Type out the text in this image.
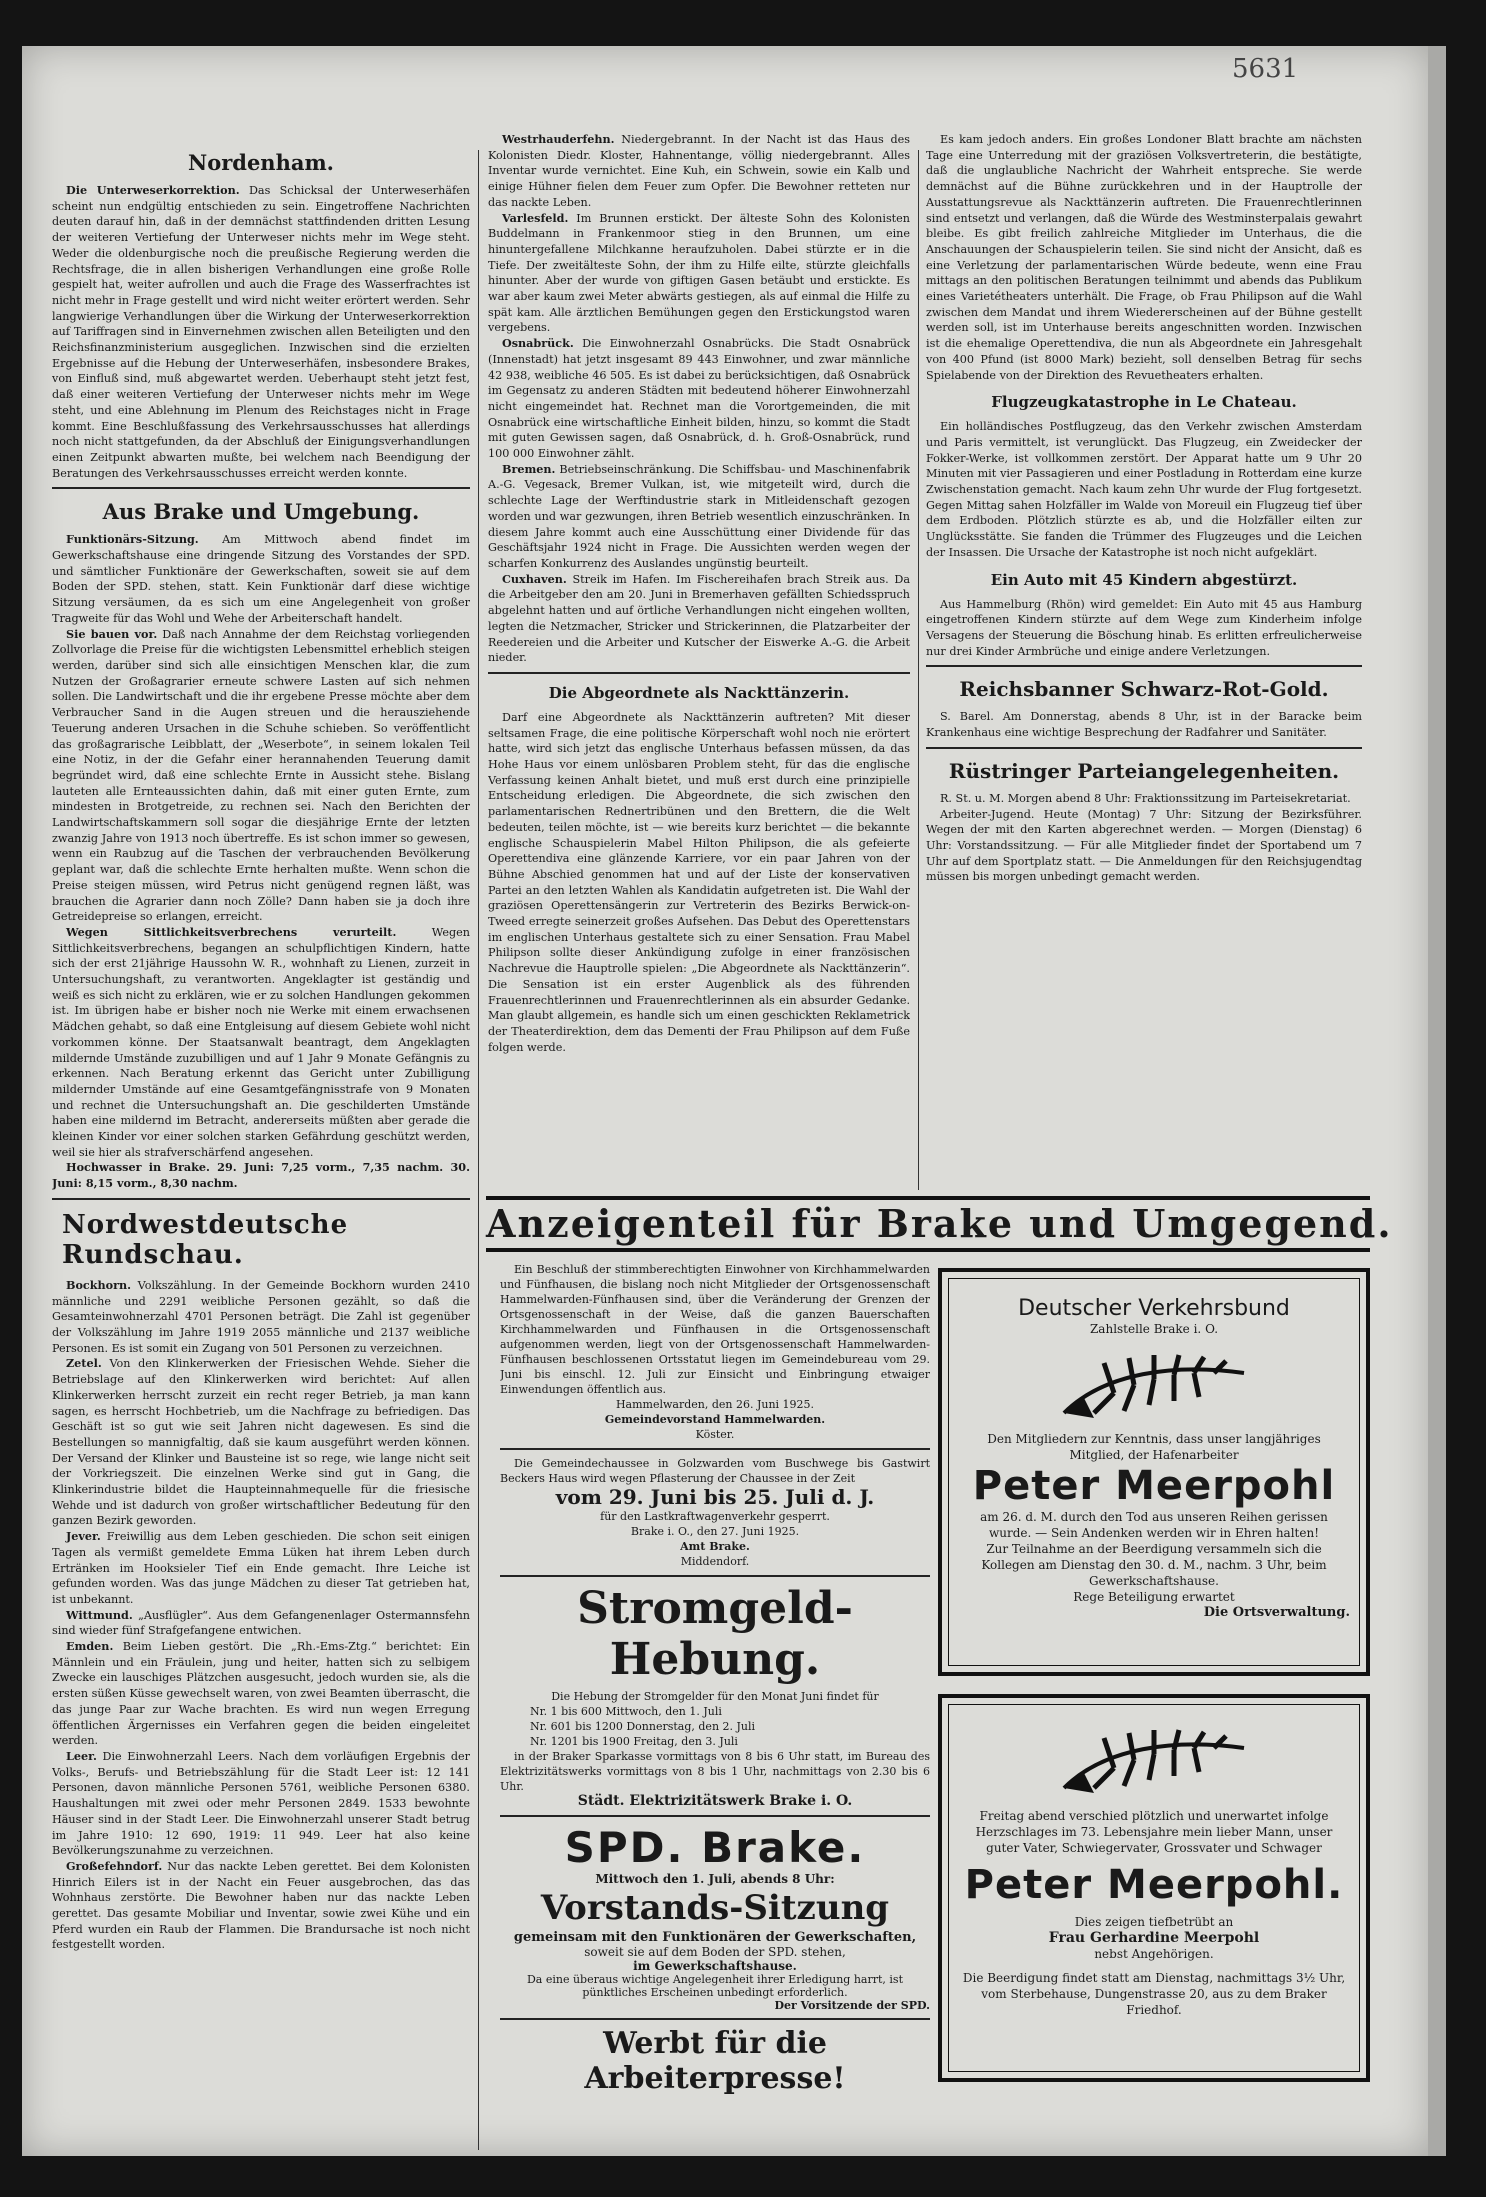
5631
Nordenham.

Die Unterweserkorrektion. Das Schicksal der Unterweserhäfen scheint nun endgültig entschieden zu sein. Eingetroffene Nachrichten deuten darauf hin, daß in der demnächst stattfindenden dritten Lesung der weiteren Vertiefung der Unterweser nichts mehr im Wege steht. Weder die oldenburgische noch die preußische Regierung werden die Rechtsfrage, die in allen bisherigen Verhandlungen eine große Rolle gespielt hat, weiter aufrollen und auch die Frage des Wasserfrachtes ist nicht mehr in Frage gestellt und wird nicht weiter erörtert werden. Sehr langwierige Verhandlungen über die Wirkung der Unterweserkorrektion auf Tariffragen sind in Einvernehmen zwischen allen Beteiligten und den Reichsfinanzministerium ausgeglichen. Inzwischen sind die erzielten Ergebnisse auf die Hebung der Unterweserhäfen, insbesondere Brakes, von Einfluß sind, muß abgewartet werden. Ueberhaupt steht jetzt fest, daß einer weiteren Vertiefung der Unterweser nichts mehr im Wege steht, und eine Ablehnung im Plenum des Reichstages nicht in Frage kommt. Eine Beschlußfassung des Verkehrsausschusses hat allerdings noch nicht stattgefunden, da der Abschluß der Einigungsverhandlungen einen Zeitpunkt abwarten mußte, bei welchem nach Beendigung der Beratungen des Verkehrsausschusses erreicht werden konnte.

Aus Brake und Umgebung.

Funktionärs-Sitzung. Am Mittwoch abend findet im Gewerkschaftshause eine dringende Sitzung des Vorstandes der SPD. und sämtlicher Funktionäre der Gewerkschaften, soweit sie auf dem Boden der SPD. stehen, statt. Kein Funktionär darf diese wichtige Sitzung versäumen, da es sich um eine Angelegenheit von großer Tragweite für das Wohl und Wehe der Arbeiterschaft handelt.

Sie bauen vor. Daß nach Annahme der dem Reichstag vorliegenden Zollvorlage die Preise für die wichtigsten Lebensmittel erheblich steigen werden, darüber sind sich alle einsichtigen Menschen klar, die zum Nutzen der Großagrarier erneute schwere Lasten auf sich nehmen sollen. Die Landwirtschaft und die ihr ergebene Presse möchte aber dem Verbraucher Sand in die Augen streuen und die herausziehende Teuerung anderen Ursachen in die Schuhe schieben. So veröffentlicht das großagrarische Leibblatt, der „Weserbote“, in seinem lokalen Teil eine Notiz, in der die Gefahr einer herannahenden Teuerung damit begründet wird, daß eine schlechte Ernte in Aussicht stehe. Bislang lauteten alle Ernteaussichten dahin, daß mit einer guten Ernte, zum mindesten in Brotgetreide, zu rechnen sei. Nach den Berichten der Landwirtschaftskammern soll sogar die diesjährige Ernte der letzten zwanzig Jahre von 1913 noch übertreffe. Es ist schon immer so gewesen, wenn ein Raubzug auf die Taschen der verbrauchenden Bevölkerung geplant war, daß die schlechte Ernte herhalten mußte. Wenn schon die Preise steigen müssen, wird Petrus nicht genügend regnen läßt, was brauchen die Agrarier dann noch Zölle? Dann haben sie ja doch ihre Getreidepreise so erlangen, erreicht.

Wegen Sittlichkeitsverbrechens verurteilt.	Wegen Sittlichkeitsverbrechens, begangen an schulpflichtigen Kindern, hatte sich der erst 21jährige Haussohn W. R., wohnhaft zu Lienen, zurzeit in Untersuchungshaft, zu verantworten. Angeklagter ist geständig und weiß es sich nicht zu erklären, wie er zu solchen Handlungen gekommen ist. Im übrigen habe er bisher noch nie Werke mit einem erwachsenen Mädchen gehabt, so daß eine Entgleisung auf diesem Gebiete wohl nicht vorkommen könne. Der Staatsanwalt beantragt, dem Angeklagten mildernde Umstände zuzubilligen und auf 1 Jahr 9 Monate Gefängnis zu erkennen. Nach Beratung erkennt das Gericht unter Zubilligung mildernder Umstände auf eine Gesamtgefängnisstrafe von 9 Monaten und rechnet die Untersuchungshaft an. Die geschilderten Umstände haben eine mildernd im Betracht, andererseits müßten aber gerade die kleinen Kinder vor einer solchen starken Gefährdung geschützt werden, weil sie hier als strafverschärfend angesehen.

Hochwasser in Brake. 29. Juni: 7,25 vorm., 7,35 nachm. 30. Juni: 8,15 vorm., 8,30 nachm.

Nordwestdeutsche Rundschau.

Bockhorn. Volkszählung. In der Gemeinde Bockhorn wurden 2410 männliche und 2291 weibliche Personen gezählt, so daß die Gesamteinwohnerzahl 4701 Personen beträgt. Die Zahl ist gegenüber der Volkszählung im Jahre 1919 2055 männliche und 2137 weibliche Personen. Es ist somit ein Zugang von 501 Personen zu verzeichnen.

Zetel. Von den Klinkerwerken der Friesischen Wehde. Sieher die Betriebslage auf den Klinkerwerken wird berichtet: Auf allen Klinkerwerken herrscht zurzeit ein recht reger Betrieb, ja man kann sagen, es herrscht Hochbetrieb, um die Nachfrage zu befriedigen. Das Geschäft ist so gut wie seit Jahren nicht dagewesen. Es sind die Bestellungen so mannigfaltig, daß sie kaum ausgeführt werden können. Der Versand der Klinker und Bausteine ist so rege, wie lange nicht seit der Vorkriegszeit. Die einzelnen Werke sind gut in Gang, die Klinkerindustrie bildet die Haupteinnahmequelle für die friesische Wehde und ist dadurch von großer wirtschaftlicher Bedeutung für den ganzen Bezirk geworden.

Jever. Freiwillig aus dem Leben geschieden. Die schon seit einigen Tagen als vermißt gemeldete Emma Lüken hat ihrem Leben durch Ertränken im Hooksieler Tief ein Ende gemacht. Ihre Leiche ist gefunden worden. Was das junge Mädchen zu dieser Tat getrieben hat, ist unbekannt.

Wittmund. „Ausflügler“. Aus dem Gefangenenlager Ostermannsfehn sind wieder fünf Strafgefangene entwichen.

Emden. Beim Lieben gestört. Die „Rh.-Ems-Ztg.“ berichtet: Ein Männlein und ein Fräulein, jung und heiter, hatten sich zu selbigem Zwecke ein lauschiges Plätzchen ausgesucht, jedoch wurden sie, als die ersten süßen Küsse gewechselt waren, von zwei Beamten überrascht, die das junge Paar zur Wache brachten. Es wird nun wegen Erregung öffentlichen Ärgernisses ein Verfahren gegen die beiden eingeleitet werden.

Leer. Die Einwohnerzahl Leers. Nach dem vorläufigen Ergebnis der Volks-, Berufs- und Betriebszählung für die Stadt Leer ist: 12 141 Personen, davon männliche Personen 5761, weibliche Personen 6380. Haushaltungen mit zwei oder mehr Personen 2849. 1533 bewohnte Häuser sind in der Stadt Leer. Die Einwohnerzahl unserer Stadt betrug im Jahre 1910: 12 690, 1919: 11 949. Leer hat also keine Bevölkerungszunahme zu verzeichnen.

Großefehndorf. Nur das nackte Leben gerettet. Bei dem Kolonisten Hinrich Eilers ist in der Nacht ein Feuer ausgebrochen, das das Wohnhaus zerstörte. Die Bewohner haben nur das nackte Leben gerettet. Das gesamte Mobiliar und Inventar, sowie zwei Kühe und ein Pferd wurden ein Raub der Flammen. Die Brandursache ist noch nicht festgestellt worden.

Westrhauderfehn. Niedergebrannt. In der Nacht ist das Haus des Kolonisten Diedr. Kloster, Hahnentange, völlig niedergebrannt. Alles Inventar wurde vernichtet. Eine Kuh, ein Schwein, sowie ein Kalb und einige Hühner fielen dem Feuer zum Opfer. Die Bewohner retteten nur das nackte Leben.

Varlesfeld. Im Brunnen erstickt. Der älteste Sohn des Kolonisten Buddelmann in Frankenmoor stieg in den Brunnen, um eine hinuntergefallene Milchkanne heraufzuholen. Dabei stürzte er in die Tiefe. Der zweitälteste Sohn, der ihm zu Hilfe eilte, stürzte gleichfalls hinunter. Aber der wurde von giftigen Gasen betäubt und erstickte. Es war aber kaum zwei Meter abwärts gestiegen, als auf einmal die Hilfe zu spät kam. Alle ärztlichen Bemühungen gegen den Erstickungstod waren vergebens.

Osnabrück. Die Einwohnerzahl Osnabrücks. Die Stadt Osnabrück (Innenstadt) hat jetzt insgesamt 89 443 Einwohner, und zwar männliche 42 938, weibliche 46 505. Es ist dabei zu berücksichtigen, daß Osnabrück im Gegensatz zu anderen Städten mit bedeutend höherer Einwohnerzahl nicht eingemeindet hat. Rechnet man die Vorortgemeinden, die mit Osnabrück eine wirtschaftliche Einheit bilden, hinzu, so kommt die Stadt mit guten Gewissen sagen, daß Osnabrück, d. h. Groß-Osnabrück, rund 100 000 Einwohner zählt.

Bremen. Betriebseinschränkung. Die Schiffsbau- und Maschinenfabrik A.-G. Vegesack, Bremer Vulkan, ist, wie mitgeteilt wird, durch die schlechte Lage der Werftindustrie stark in Mitleidenschaft gezogen worden und war gezwungen, ihren Betrieb wesentlich einzuschränken. In diesem Jahre kommt auch eine Ausschüttung einer Dividende für das Geschäftsjahr 1924 nicht in Frage. Die Aussichten werden wegen der scharfen Konkurrenz des Auslandes ungünstig beurteilt.

Cuxhaven. Streik im Hafen. Im Fischereihafen brach Streik aus. Da die Arbeitgeber den am 20. Juni in Bremerhaven gefällten Schiedsspruch abgelehnt hatten und auf örtliche Verhandlungen nicht eingehen wollten, legten die Netzmacher, Stricker und Strickerinnen, die Platzarbeiter der Reedereien und die Arbeiter und Kutscher der Eiswerke A.-G. die Arbeit nieder.

Die Abgeordnete als Nackttänzerin.

Darf eine Abgeordnete als Nackttänzerin auftreten? Mit dieser seltsamen Frage, die eine politische Körperschaft wohl noch nie erörtert hatte, wird sich jetzt das englische Unterhaus befassen müssen, da das Hohe Haus vor einem unlösbaren Problem steht, für das die englische Verfassung keinen Anhalt bietet, und muß erst durch eine prinzipielle Entscheidung erledigen. Die Abgeordnete, die sich zwischen den parlamentarischen Rednertribünen und den Brettern, die die Welt bedeuten, teilen möchte, ist — wie bereits kurz berichtet — die bekannte englische Schauspielerin Mabel Hilton Philipson, die als gefeierte Operettendiva eine glänzende Karriere, vor ein paar Jahren von der Bühne Abschied genommen hat und auf der Liste der konservativen Partei an den letzten Wahlen als Kandidatin aufgetreten ist. Die Wahl der graziösen Operettensängerin zur Vertreterin des Bezirks Berwick-on-Tweed erregte seinerzeit großes Aufsehen. Das Debut des Operettenstars im englischen Unterhaus gestaltete sich zu einer Sensation. Frau Mabel Philipson sollte dieser Ankündigung zufolge in einer französischen Nachrevue die Hauptrolle spielen: „Die Abgeordnete als Nackttänzerin“. Die Sensation ist ein erster Augenblick als des führenden Frauenrechtlerinnen und Frauenrechtlerinnen als ein absurder Gedanke. Man glaubt allgemein, es handle sich um einen geschickten Reklametrick der Theaterdirektion, dem das Dementi der Frau Philipson auf dem Fuße folgen werde.

Es kam jedoch anders. Ein großes Londoner Blatt brachte am nächsten Tage eine Unterredung mit der graziösen Volksvertreterin, die bestätigte, daß die unglaubliche Nachricht der Wahrheit entspreche. Sie werde demnächst auf die Bühne zurückkehren und in der Hauptrolle der Ausstattungsrevue als Nackttänzerin auftreten. Die Frauenrechtlerinnen sind entsetzt und verlangen, daß die Würde des Westminsterpalais gewahrt bleibe. Es gibt freilich zahlreiche Mitglieder im Unterhaus, die die Anschauungen der Schauspielerin teilen. Sie sind nicht der Ansicht, daß es eine Verletzung der parlamentarischen Würde bedeute, wenn eine Frau mittags an den politischen Beratungen teilnimmt und abends das Publikum eines Varietétheaters unterhält. Die Frage, ob Frau Philipson auf die Wahl zwischen dem Mandat und ihrem Wiedererscheinen auf der Bühne gestellt werden soll, ist im Unterhause bereits angeschnitten worden. Inzwischen ist die ehemalige Operettendiva, die nun als Abgeordnete ein Jahresgehalt von 400 Pfund (ist 8000 Mark) bezieht, soll denselben Betrag für sechs Spielabende von der Direktion des Revuetheaters erhalten.

Flugzeugkatastrophe in Le Chateau.

Ein holländisches Postflugzeug, das den Verkehr zwischen Amsterdam und Paris vermittelt, ist verunglückt. Das Flugzeug, ein Zweidecker der Fokker-Werke, ist vollkommen zerstört. Der Apparat hatte um 9 Uhr 20 Minuten mit vier Passagieren und einer Postladung in Rotterdam eine kurze Zwischenstation gemacht. Nach kaum zehn Uhr wurde der Flug fortgesetzt. Gegen Mittag sahen Holzfäller im Walde von Moreuil ein Flugzeug tief über dem Erdboden. Plötzlich stürzte es ab, und die Holzfäller eilten zur Unglücksstätte. Sie fanden die Trümmer des Flugzeuges und die Leichen der Insassen. Die Ursache der Katastrophe ist noch nicht aufgeklärt.

Ein Auto mit 45 Kindern abgestürzt.

Aus Hammelburg (Rhön) wird gemeldet: Ein Auto mit 45 aus Hamburg eingetroffenen Kindern stürzte auf dem Wege zum Kinderheim infolge Versagens der Steuerung die Böschung hinab. Es erlitten erfreulicherweise nur drei Kinder Armbrüche und einige andere Verletzungen.

Reichsbanner Schwarz-Rot-Gold.

S. Barel. Am Donnerstag, abends 8 Uhr, ist in der Baracke beim Krankenhaus eine wichtige Besprechung der Radfahrer und Sanitäter.

Rüstringer Parteiangelegenheiten.

R. St. u. M. Morgen abend 8 Uhr: Fraktionssitzung im Parteisekretariat.

Arbeiter-Jugend. Heute (Montag) 7 Uhr: Sitzung der Bezirksführer. Wegen der mit den Karten abgerechnet werden. — Morgen (Dienstag) 6 Uhr: Vorstandssitzung. — Für alle Mitglieder findet der Sportabend um 7 Uhr auf dem Sportplatz statt. — Die Anmeldungen für den Reichsjugendtag müssen bis morgen unbedingt gemacht werden.

Anzeigenteil für Brake und Umgegend.

Ein Beschluß der stimmberechtigten Einwohner von Kirchhammelwarden und Fünfhausen, die bislang noch nicht Mitglieder der Ortsgenossenschaft Hammelwarden-Fünfhausen sind, über die Veränderung der Grenzen der Ortsgenossenschaft in der Weise, daß die ganzen Bauerschaften Kirchhammelwarden und Fünfhausen in die Ortsgenossenschaft aufgenommen werden, liegt von der Ortsgenossenschaft Hammelwarden-Fünfhausen beschlossenen Ortsstatut liegen im Gemeindebureau vom 29. Juni bis einschl. 12. Juli zur Einsicht und Einbringung etwaiger Einwendungen öffentlich aus.

Hammelwarden, den 26. Juni 1925.
Gemeindevorstand Hammelwarden.
Köster.

Die Gemeindechaussee in Golzwarden vom Buschwege bis Gastwirt Beckers Haus wird wegen Pflasterung der Chaussee in der Zeit

vom 29. Juni bis 25. Juli d. J.
für den Lastkraftwagenverkehr gesperrt.
Brake i. O., den 27. Juni 1925.
Amt Brake.
Middendorf.
Stromgeld-Hebung.
Die Hebung der Stromgelder für den Monat Juni findet für
Nr. 1 bis 600 Mittwoch, den 1. Juli
Nr. 601 bis 1200 Donnerstag, den 2. Juli
Nr. 1201 bis 1900 Freitag, den 3. Juli

in der Braker Sparkasse vormittags von 8 bis 6 Uhr statt, im Bureau des Elektrizitätswerks vormittags von 8 bis 1 Uhr, nachmittags von 2.30 bis 6 Uhr.

Städt. Elektrizitätswerk Brake i. O.
SPD. Brake.
Mittwoch den 1. Juli, abends 8 Uhr:
Vorstands-Sitzung
gemeinsam mit den Funktionären der Gewerkschaften,
soweit sie auf dem Boden der SPD. stehen,
im Gewerkschaftshause.
Da eine überaus wichtige Angelegenheit ihrer Erledigung harrt, ist pünktliches Erscheinen unbedingt erforderlich.
Der Vorsitzende der SPD.
Werbt für die Arbeiterpresse!
Deutscher Verkehrsbund
Zahlstelle Brake i. O.
Den Mitgliedern zur Kenntnis, dass unser langjähriges Mitglied, der Hafenarbeiter
Peter Meerpohl
am 26. d. M. durch den Tod aus unseren Reihen gerissen wurde. — Sein Andenken werden wir in Ehren halten!
Zur Teilnahme an der Beerdigung versammeln sich die Kollegen am Dienstag den 30. d. M., nachm. 3 Uhr, beim Gewerkschaftshause.
Rege Beteiligung erwartet
Die Ortsverwaltung.
Freitag abend verschied plötzlich und unerwartet infolge Herzschlages im 73. Lebensjahre mein lieber Mann, unser guter Vater, Schwiegervater, Grossvater und Schwager
Peter Meerpohl.
Dies zeigen tiefbetrübt an
Frau Gerhardine Meerpohl
nebst Angehörigen.
Die Beerdigung findet statt am Dienstag, nachmittags 3½ Uhr, vom Sterbehause, Dungenstrasse 20, aus zu dem Braker Friedhof.
